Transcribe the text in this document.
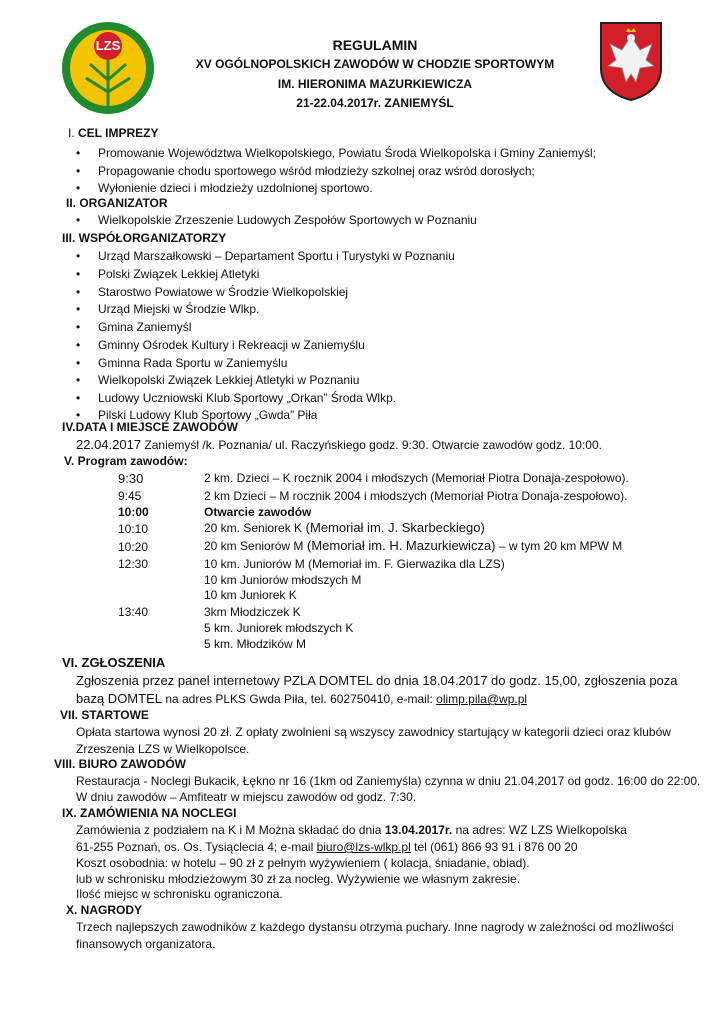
LZS	REGULAMIN
XV OGÓLNOPOLSKICH ZAWODÓW W CHODZIE SPORTOWYM
IM. HIERONIMA MAZURKIEWICZA
21-22.04.2017r. ZANIEMYŚL
I. CEL IMPREZY
• Promowanie Województwa Wielkopolskiego, Powiatu Środa Wielkopolska i Gminy Zaniemyśl;
• Propagowanie chodu sportowego wśród młodzieży szkolnej oraz wśród dorosłych;
• Wyłonienie dzieci i młodzieży uzdolnionej sportowo.
II. ORGANIZATOR
• Wielkopolskie Zrzeszenie Ludowych Zespołów Sportowych w Poznaniu
III. WSPÓŁORGANIZATORZY
• Urząd Marszałkowski – Departament Sportu i Turystyki w Poznaniu
• Polski Związek Lekkiej Atletyki
• Starostwo Powiatowe w Środzie Wielkopolskiej
• Urząd Miejski w Środzie Wlkp.
• Gmina Zaniemyśl
• Gminny Ośrodek Kultury i Rekreacji w Zaniemyślu
• Gminna Rada Sportu w Zaniemyślu
• Wielkopolski Związek Lekkiej Atletyki w Poznaniu
• Ludowy Uczniowski Klub Sportowy „Orkan” Środa Wlkp.
• Pilski Ludowy Klub Sportowy „Gwda” Piła
IV.DATA I MIEJSCE ZAWODÓW
22.04.2017 Zaniemyśl /k. Poznania/ ul. Raczyńskiego godz. 9:30. Otwarcie zawodów godz. 10:00.
V. Program zawodów:
9:30	2 km. Dzieci – K rocznik 2004 i młodszych (Memoriał Piotra Donaja-zespołowo).
9:45	2 km Dzieci – M rocznik 2004 i młodszych (Memoriał Piotra Donaja-zespołowo).
10:00	Otwarcie zawodów
10:10	20 km. Seniorek K (Memoriał im. J. Skarbeckiego)
10:20	20 km Seniorów M (Memoriał im. H. Mazurkiewicza) – w tym 20 km MPW M
12:30	10 km. Juniorów M (Memoriał im. F. Gierwazika dla LZS)
10 km Juniorów młodszych M
10 km Juniorek K
13:40	3km Młodziczek K
5 km. Juniorek młodszych K
5 km. Młodzików M
VI. ZGŁOSZENIA
Zgłoszenia przez panel internetowy PZLA DOMTEL do dnia 18.04.2017 do godz. 15,00, zgłoszenia poza
bazą DOMTEL na adres PLKS Gwda Piła, tel. 602750410, e-mail: olimp.pila@wp.pl
VII. STARTOWE
Opłata startowa wynosi 20 zł. Z opłaty zwolnieni są wszyscy zawodnicy startujący w kategorii dzieci oraz klubów
Zrzeszenia LZS w Wielkopolsce.
VIII. BIURO ZAWODÓW
Restauracja - Noclegi Bukacik, Łękno nr 16 (1km od Zaniemyśla) czynna w dniu 21.04.2017 od godz. 16:00 do 22:00.
W dniu zawodów – Amfiteatr w miejscu zawodów od godz. 7:30.
IX. ZAMÓWIENIA NA NOCLEGI
Zamówienia z podziałem na K i M Można składać do dnia 13.04.2017r. na adres: WZ LZS Wielkopolska
61-255 Poznań, os. Os. Tysiąclecia 4; e-mail biuro@lzs-wlkp.pl tel (061) 866 93 91 i 876 00 20
Koszt osobodnia: w hotelu – 90 zł z pełnym wyżywieniem ( kolacja, śniadanie, obiad).
lub w schronisku młodzieżowym 30 zł za nocleg. Wyżywienie we własnym zakresie.
Ilość miejsc w schronisku ograniczona.
X. NAGRODY
Trzech najlepszych zawodników z każdego dystansu otrzyma puchary. Inne nagrody w zależności od możliwości
finansowych organizatora.
